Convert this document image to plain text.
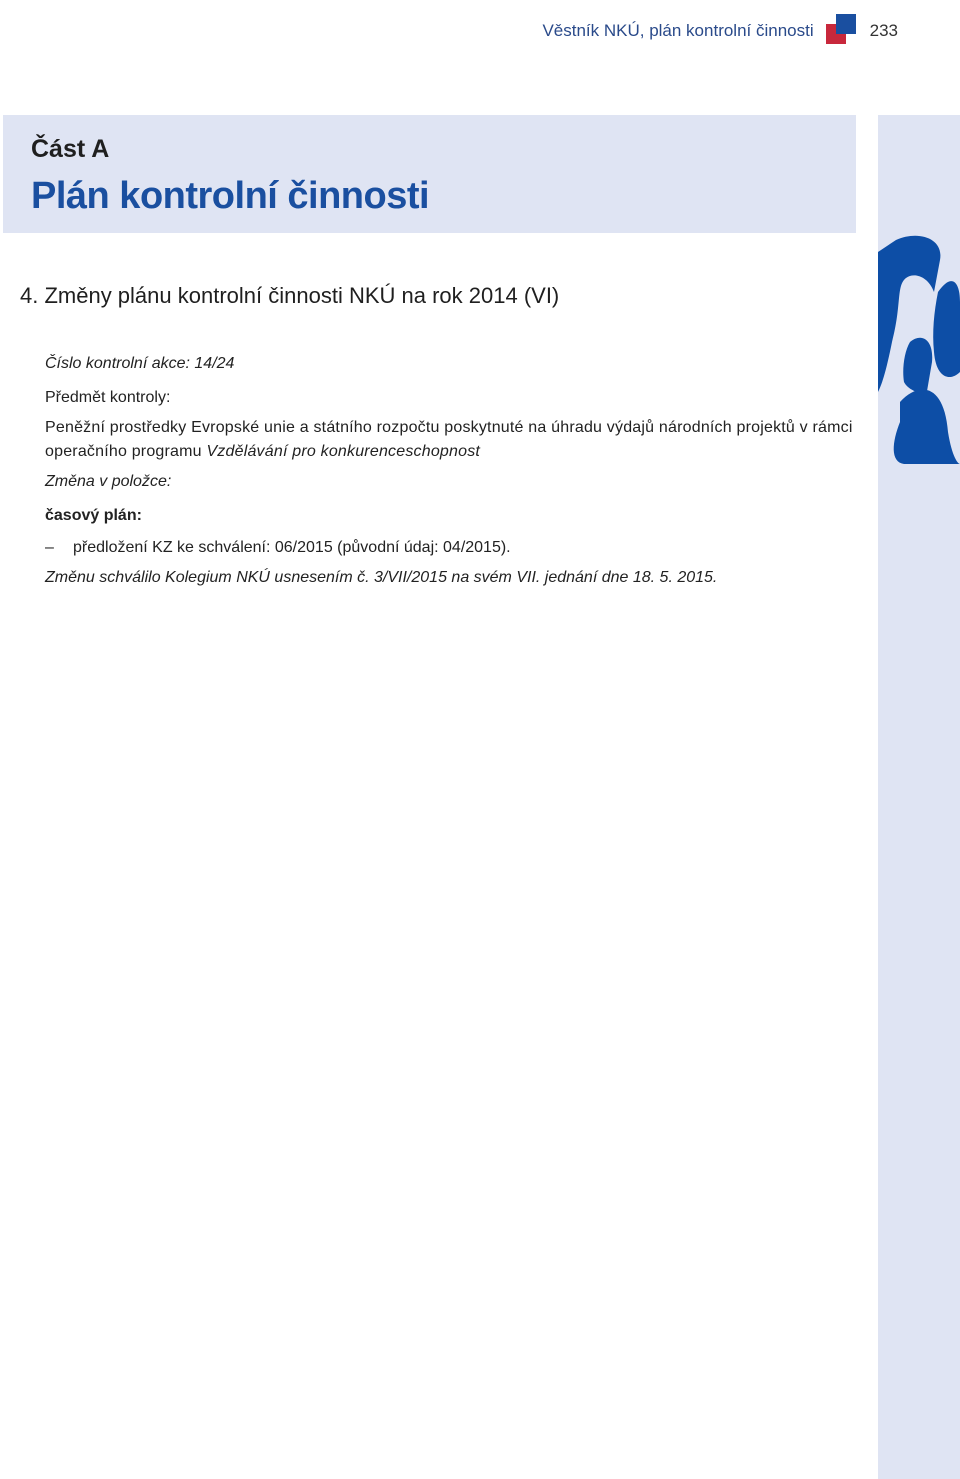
Věstník NKÚ, plán kontrolní činnosti	233
Část A
Plán kontrolní činnosti
4. Změny plánu kontrolní činnosti NKÚ na rok 2014 (VI)

Číslo kontrolní akce: 14/24

Předmět kontroly:

Peněžní prostředky Evropské unie a státního rozpočtu poskytnuté na úhradu výdajů národních projektů v rámci operačního programu Vzdělávání pro konkurenceschopnost

Změna v položce:

časový plán:

–	předložení KZ ke schválení: 06/2015 (původní údaj: 04/2015).

Změnu schválilo Kolegium NKÚ usnesením č. 3/VII/2015 na svém VII. jednání dne 18. 5. 2015.
